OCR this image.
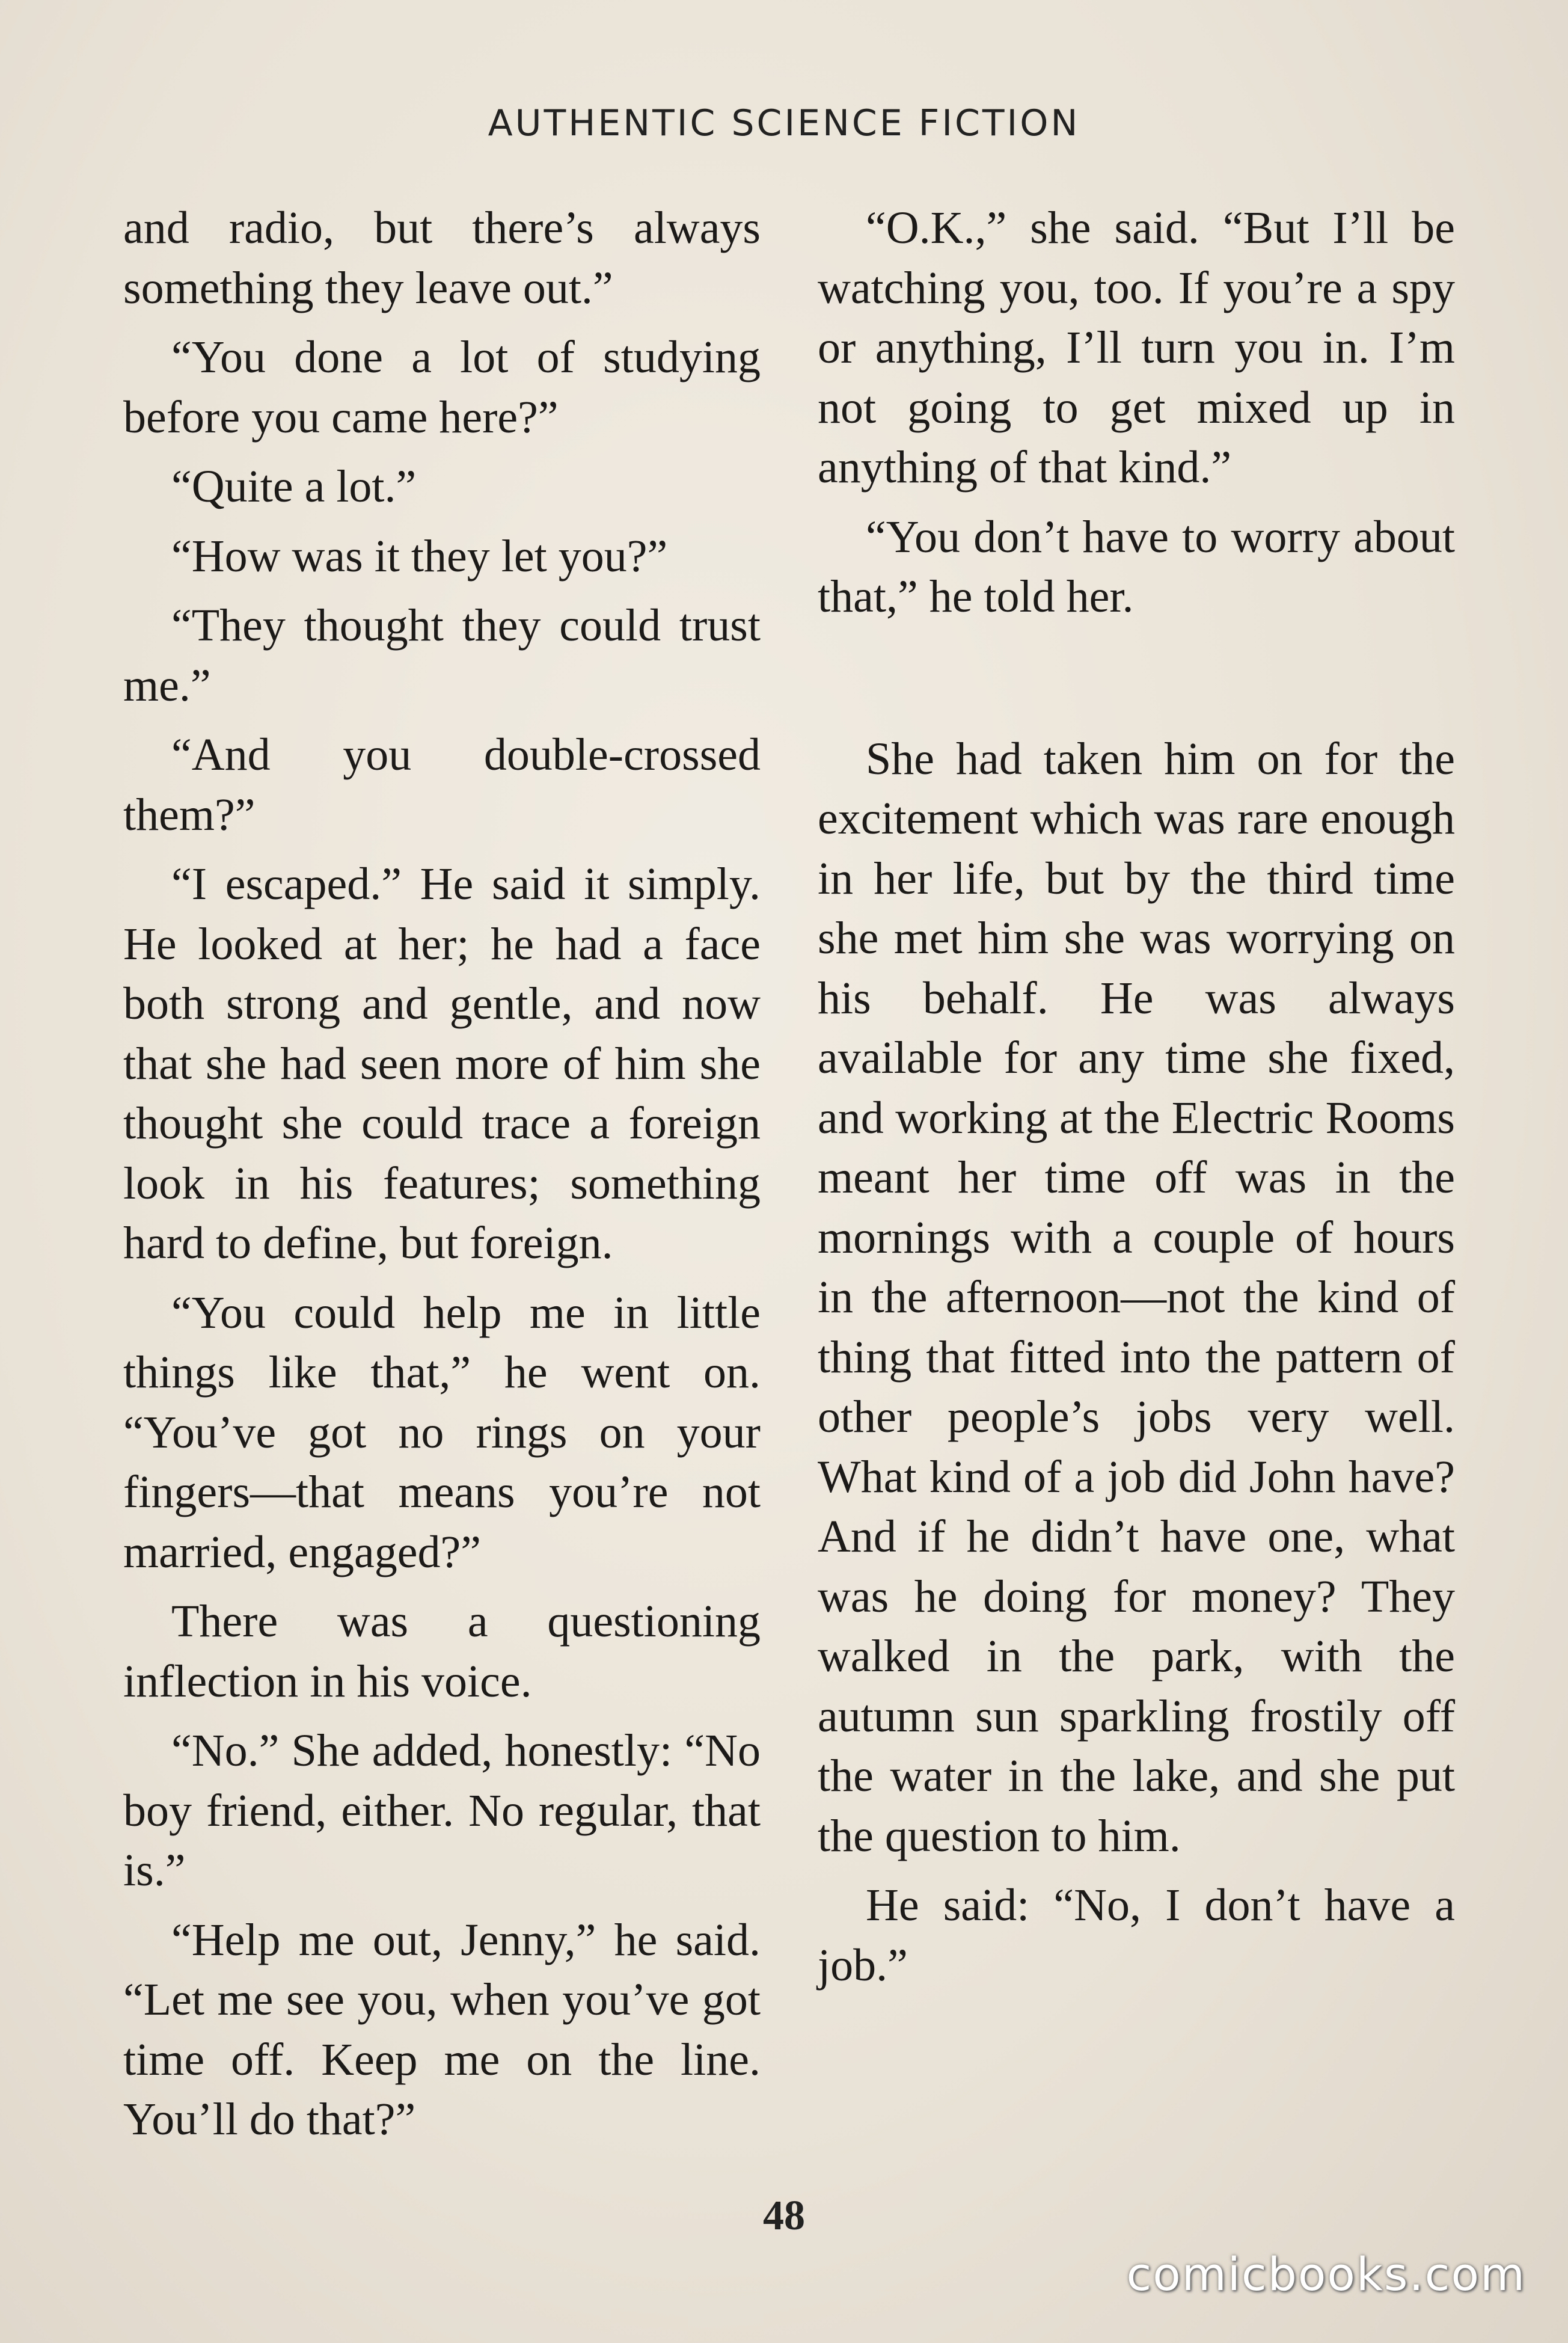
AUTHENTIC SCIENCE FICTION

and radio, but there’s always something they leave out.”

“You done a lot of studying before you came here?”

“Quite a lot.”

“How was it they let you?”

“They thought they could trust me.”

“And you double-crossed them?”

“I escaped.” He said it simply. He looked at her; he had a face both strong and gentle, and now that she had seen more of him she thought she could trace a foreign look in his features; something hard to define, but foreign.

“You could help me in little things like that,” he went on. “You’ve got no rings on your fingers—that means you’re not married, engaged?”

There was a questioning inflection in his voice.

“No.” She added, honestly: “No boy friend, either. No regular, that is.”

“Help me out, Jenny,” he said. “Let me see you, when you’ve got time off. Keep me on the line. You’ll do that?”

“O.K.,” she said. “But I’ll be watching you, too. If you’re a spy or anything, I’ll turn you in. I’m not going to get mixed up in anything of that kind.”

“You don’t have to worry about that,” he told her.

She had taken him on for the excitement which was rare enough in her life, but by the third time she met him she was worrying on his behalf. He was always available for any time she fixed, and working at the Electric Rooms meant her time off was in the mornings with a couple of hours in the afternoon—not the kind of thing that fitted into the pattern of other people’s jobs very well. What kind of a job did John have? And if he didn’t have one, what was he doing for money? They walked in the park, with the autumn sun sparkling frostily off the water in the lake, and she put the question to him.

He said: “No, I don’t have a job.”

48
comicbooks.com
